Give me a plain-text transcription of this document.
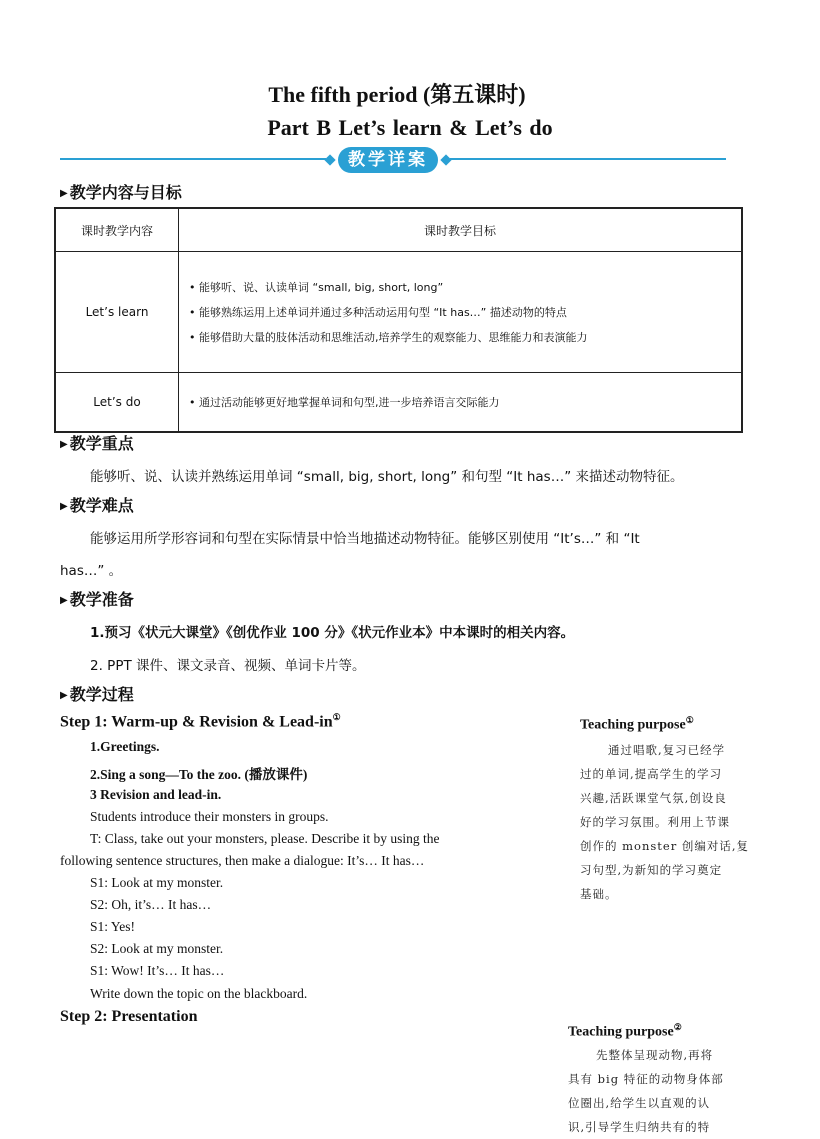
The fifth period (第五课时)
Part B Let’s learn & Let’s do
教学详案
▶ 教学内容与目标
课时教学内容	课时教学目标
Let’s learn	• 能够听、说、认读单词 “small, big, short, long”
• 能够熟练运用上述单词并通过多种活动运用句型 “It has…” 描述动物的特点
• 能够借助大量的肢体活动和思维活动,培养学生的观察能力、思维能力和表演能力

Let’s do	• 通过活动能够更好地掌握单词和句型,进一步培养语言交际能力
▶ 教学重点
能够听、说、认读并熟练运用单词 “small, big, short, long” 和句型 “It has…” 来描述动物特征。
▶ 教学难点
能够运用所学形容词和句型在实际情景中恰当地描述动物特征。能够区别使用 “It’s…” 和 “It
has…” 。
▶ 教学准备
1.预习《状元大课堂》《创优作业 100 分》《状元作业本》中本课时的相关内容。
2. PPT 课件、课文录音、视频、单词卡片等。
▶ 教学过程
Step 1: Warm-up & Revision & Lead-in①
1.Greetings.
2.Sing a song—To the zoo. (播放课件)
3 Revision and lead-in.
Students introduce their monsters in groups.
T: Class, take out your monsters, please. Describe it by using the
following sentence structures, then make a dialogue: It’s… It has…
S1: Look at my monster.
S2: Oh, it’s… It has…
S1: Yes!
S2: Look at my monster.
S1: Wow! It’s… It has…
Write down the topic on the blackboard.
Step 2: Presentation
Teaching purpose①
通过唱歌,复习已经学
过的单词,提高学生的学习
兴趣,活跃课堂气氛,创设良
好的学习氛围。利用上节课
创作的 monster 创编对话,复
习句型,为新知的学习奠定
基础。
Teaching purpose②
先整体呈现动物,再将
具有 big 特征的动物身体部
位圈出,给学生以直观的认
识,引导学生归纳共有的特
